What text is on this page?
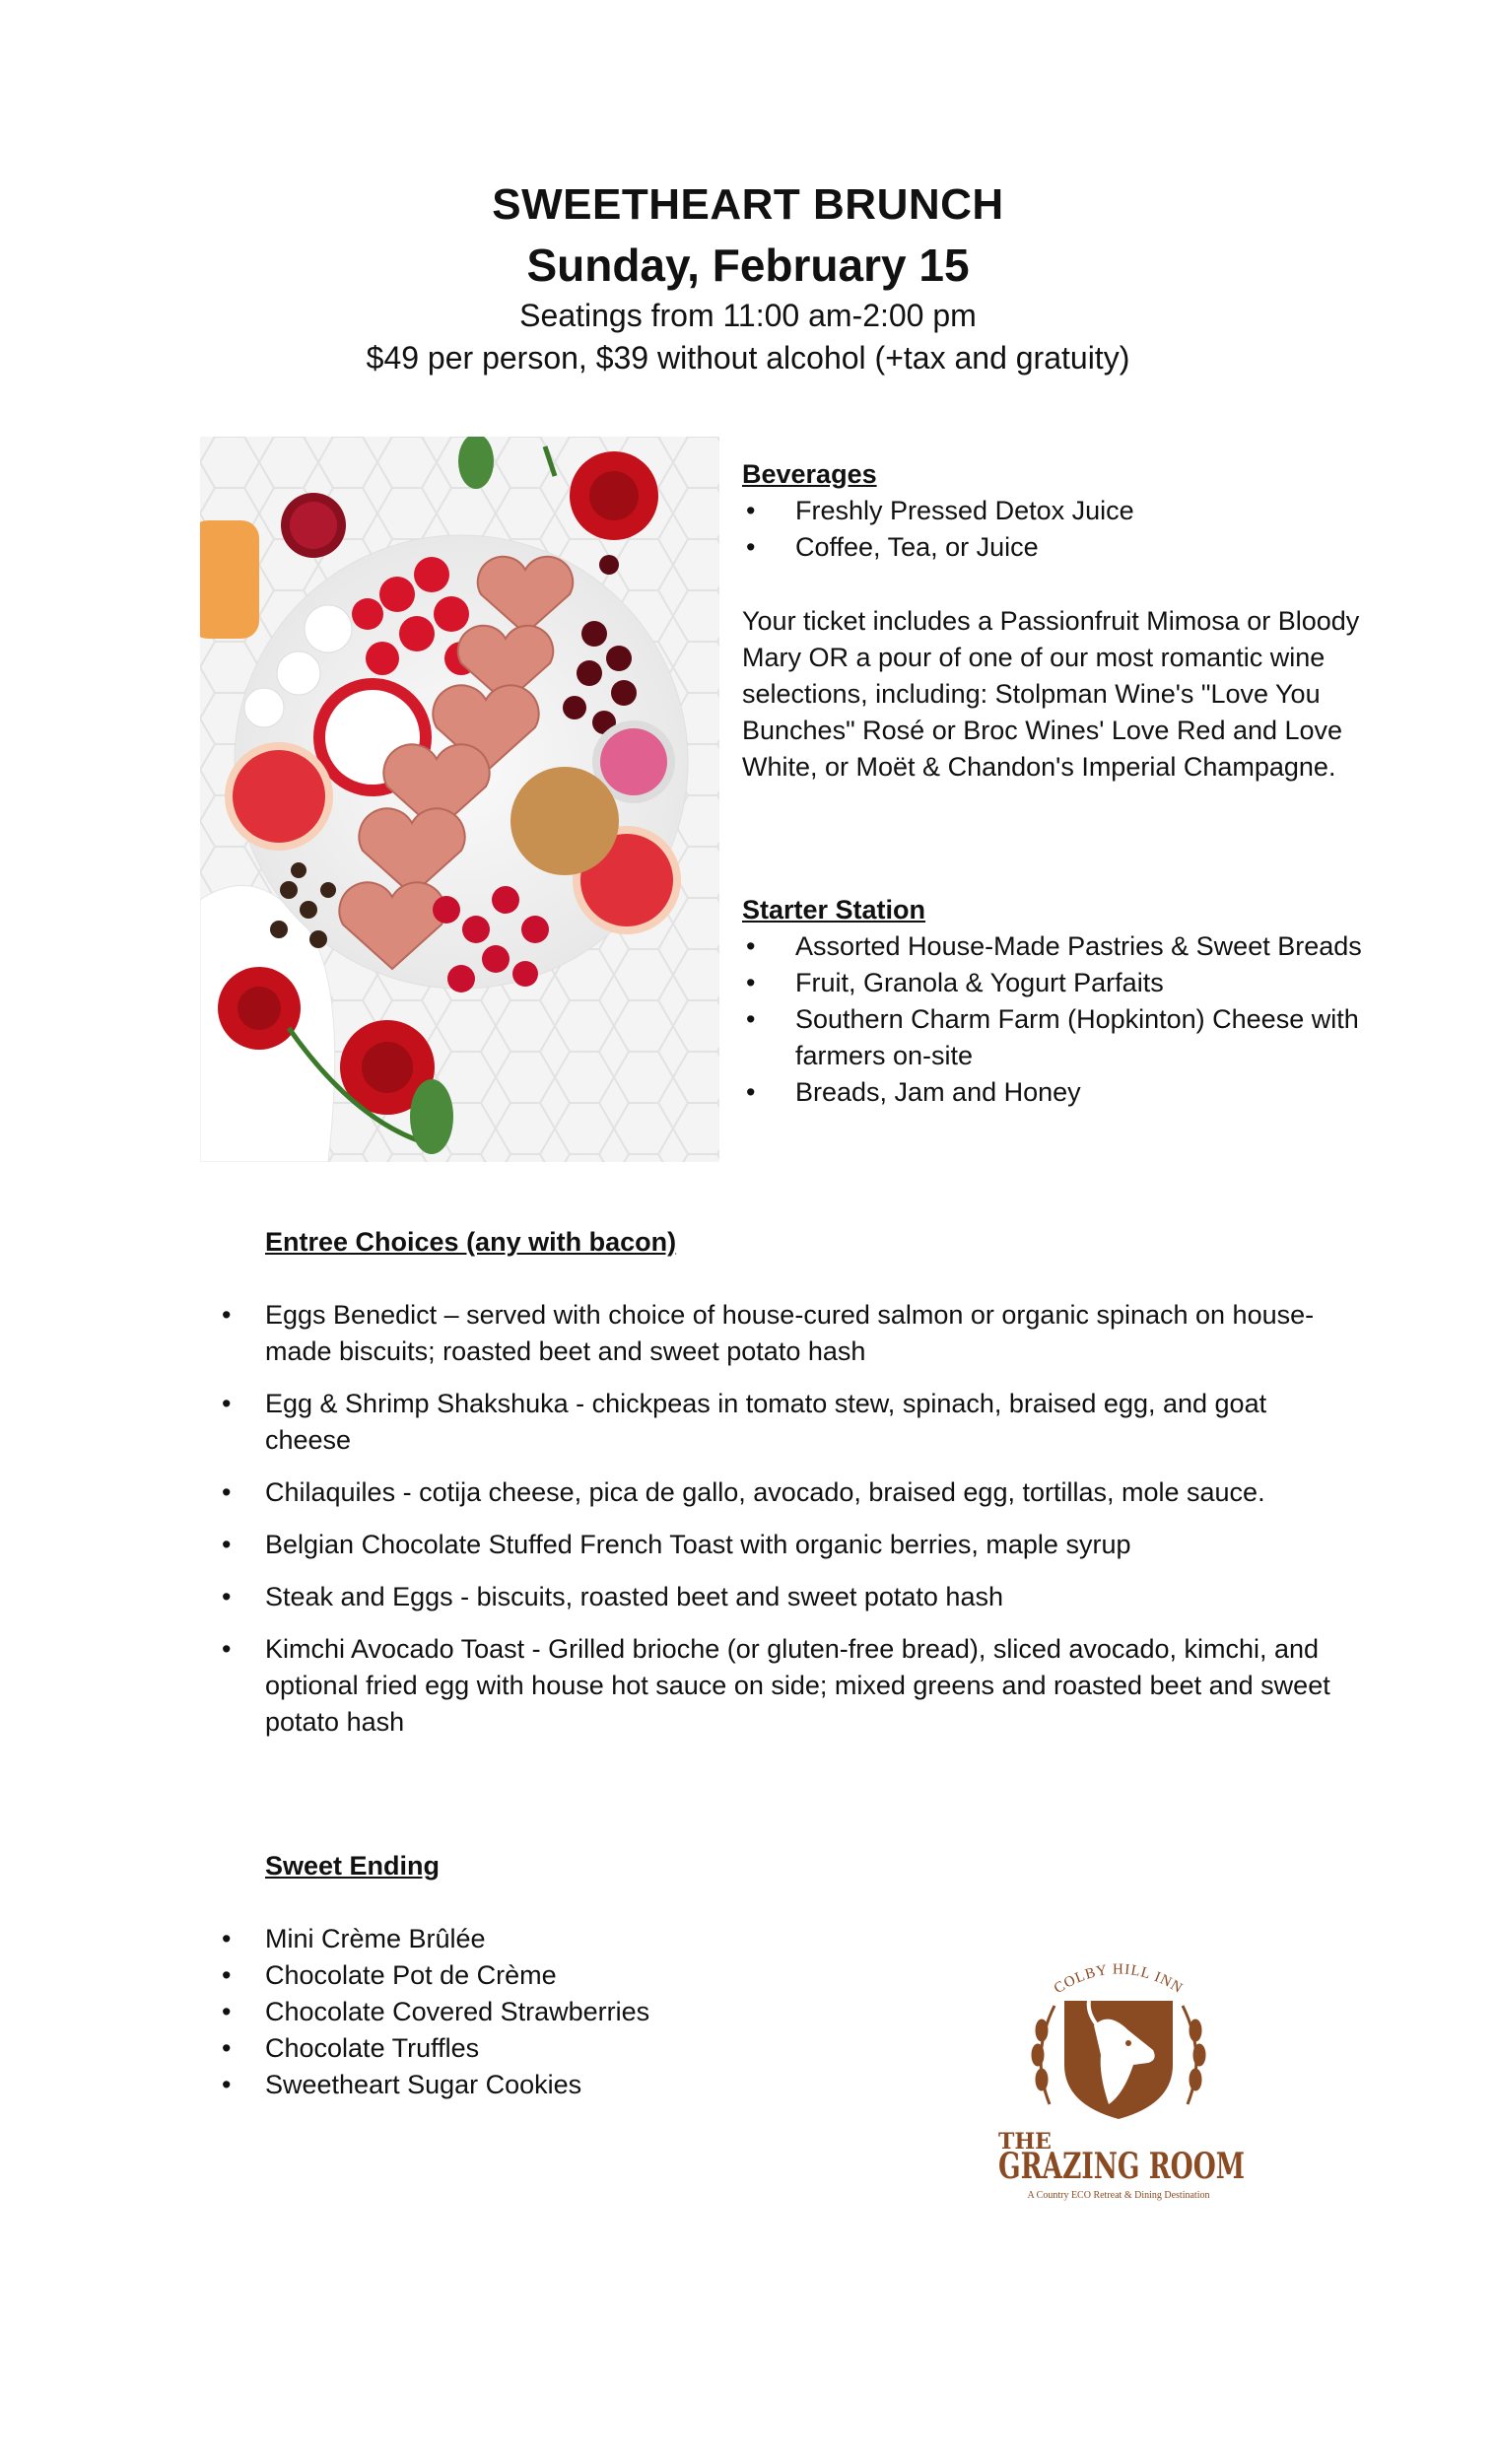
SWEETHEART BRUNCH
Sunday, February 15
Seatings from 11:00 am-2:00 pm
$49 per person, $39 without alcohol (+tax and gratuity)
Beverages
• Freshly Pressed Detox Juice
• Coffee, Tea, or Juice
Your ticket includes a Passionfruit Mimosa or Bloody Mary OR a pour of one of our most romantic wine selections, including: Stolpman Wine's "Love You Bunches" Rosé or Broc Wines' Love Red and Love White, or Moët & Chandon's Imperial Champagne.
Starter Station
• Assorted House-Made Pastries & Sweet Breads
• Fruit, Granola & Yogurt Parfaits
• Southern Charm Farm (Hopkinton) Cheese with farmers on-site
• Breads, Jam and Honey
Entree Choices (any with bacon)
• Eggs Benedict – served with choice of house-cured salmon or organic spinach on house-made biscuits; roasted beet and sweet potato hash
• Egg & Shrimp Shakshuka - chickpeas in tomato stew, spinach, braised egg, and goat cheese
• Chilaquiles - cotija cheese, pica de gallo, avocado, braised egg, tortillas, mole sauce.
• Belgian Chocolate Stuffed French Toast with organic berries, maple syrup
• Steak and Eggs - biscuits, roasted beet and sweet potato hash
• Kimchi Avocado Toast - Grilled brioche (or gluten-free bread), sliced avocado, kimchi, and optional fried egg with house hot sauce on side; mixed greens and roasted beet and sweet potato hash
Sweet Ending
• Mini Crème Brûlée
• Chocolate Pot de Crème
• Chocolate Covered Strawberries
• Chocolate Truffles
• Sweetheart Sugar Cookies
COLBY HILL INN
THE
GRAZING ROOM
A Country ECO Retreat & Dining Destination
